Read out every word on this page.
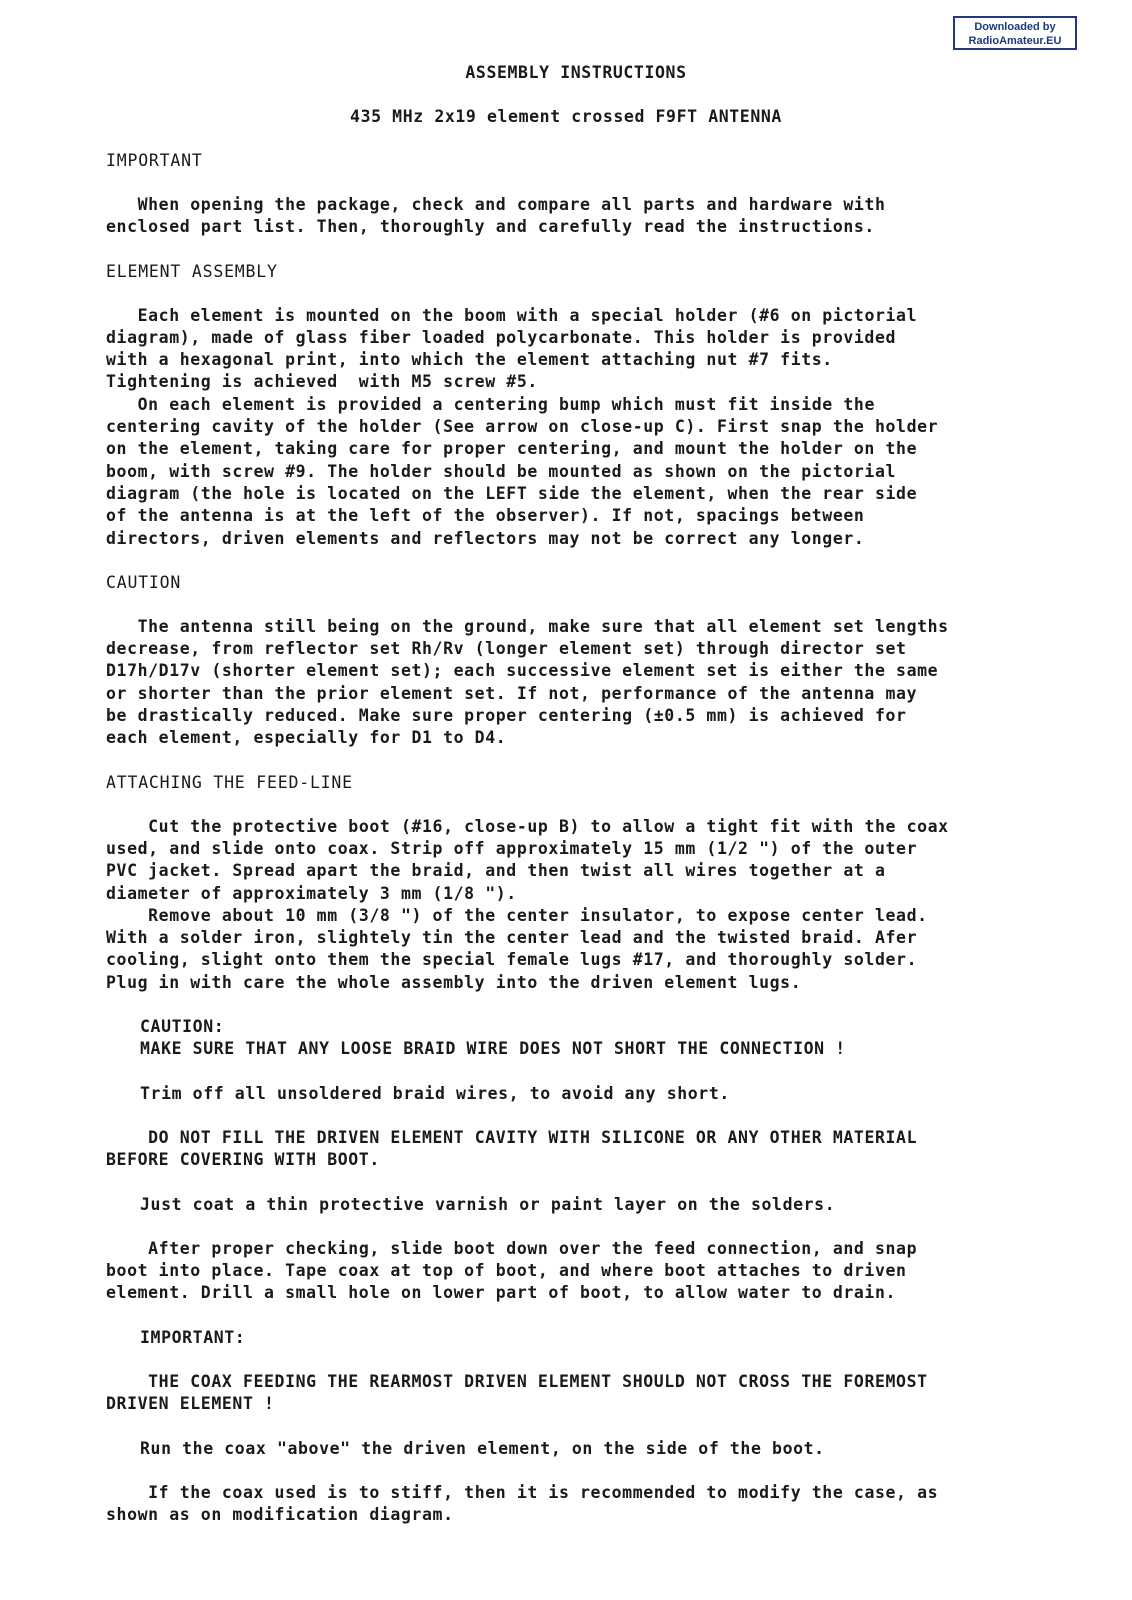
Downloaded by
RadioAmateur.EU
ASSEMBLY INSTRUCTIONS
435 MHz 2x19 element crossed F9FT ANTENNA
IMPORTANT

When opening the package, check and compare all parts and hardware with
enclosed part list. Then, thoroughly and carefully read the instructions.

ELEMENT ASSEMBLY

Each element is mounted on the boom with a special holder (#6 on pictorial
diagram), made of glass fiber loaded polycarbonate. This holder is provided
with a hexagonal print, into which the element attaching nut #7 fits.
Tightening is achieved  with M5 screw #5.

On each element is provided a centering bump which must fit inside the
centering cavity of the holder (See arrow on close-up C). First snap the holder
on the element, taking care for proper centering, and mount the holder on the
boom, with screw #9. The holder should be mounted as shown on the pictorial
diagram (the hole is located on the LEFT side the element, when the rear side
of the antenna is at the left of the observer). If not, spacings between
directors, driven elements and reflectors may not be correct any longer.

CAUTION

The antenna still being on the ground, make sure that all element set lengths
decrease, from reflector set Rh/Rv (longer element set) through director set
D17h/D17v (shorter element set); each successive element set is either the same
or shorter than the prior element set. If not, performance of the antenna may
be drastically reduced. Make sure proper centering (±0.5 mm) is achieved for
each element, especially for D1 to D4.

ATTACHING THE FEED-LINE

Cut the protective boot (#16, close-up B) to allow a tight fit with the coax
used, and slide onto coax. Strip off approximately 15 mm (1/2 ") of the outer
PVC jacket. Spread apart the braid, and then twist all wires together at a
diameter of approximately 3 mm (1/8 ").

Remove about 10 mm (3/8 ") of the center insulator, to expose center lead.
With a solder iron, slightely tin the center lead and the twisted braid. Afer
cooling, slight onto them the special female lugs #17, and thoroughly solder.
Plug in with care the whole assembly into the driven element lugs.

CAUTION:

MAKE SURE THAT ANY LOOSE BRAID WIRE DOES NOT SHORT THE CONNECTION !

Trim off all unsoldered braid wires, to avoid any short.

DO NOT FILL THE DRIVEN ELEMENT CAVITY WITH SILICONE OR ANY OTHER MATERIAL
BEFORE COVERING WITH BOOT.

Just coat a thin protective varnish or paint layer on the solders.

After proper checking, slide boot down over the feed connection, and snap
boot into place. Tape coax at top of boot, and where boot attaches to driven
element. Drill a small hole on lower part of boot, to allow water to drain.

IMPORTANT:

THE COAX FEEDING THE REARMOST DRIVEN ELEMENT SHOULD NOT CROSS THE FOREMOST
DRIVEN ELEMENT !

Run the coax "above" the driven element, on the side of the boot.

If the coax used is to stiff, then it is recommended to modify the case, as
shown as on modification diagram.
